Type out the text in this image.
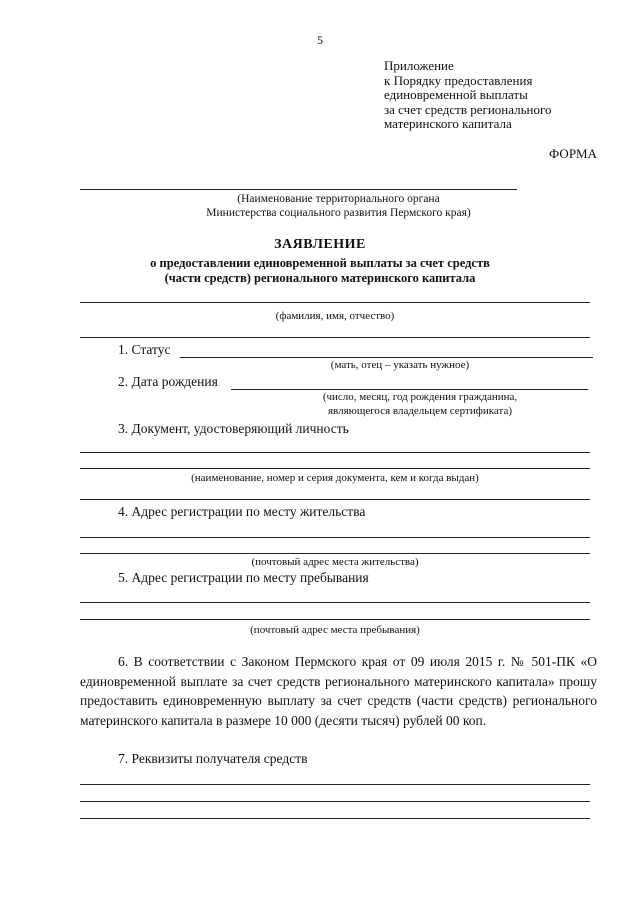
5
Приложение
к Порядку предоставления
единовременной выплаты
за счет средств регионального
материнского капитала
ФОРМА
(Наименование территориального органа
Министерства социального развития Пермского края)
ЗАЯВЛЕНИЕ
о предоставлении единовременной выплаты за счет средств
(части средств) регионального материнского капитала
(фамилия, имя, отчество)
1. Статус
(мать, отец – указать нужное)
2. Дата рождения
(число, месяц, год рождения гражданина,
являющегося владельцем сертификата)
3. Документ, удостоверяющий личность
(наименование, номер и серия документа, кем и когда выдан)
4. Адрес регистрации по месту жительства
(почтовый адрес места жительства)
5. Адрес регистрации по месту пребывания
(почтовый адрес места пребывания)
6. В соответствии с Законом Пермского края от 09 июля 2015 г. № 501-ПК «О единовременной выплате за счет средств регионального материнского капитала» прошу предоставить единовременную выплату за счет средств (части средств) регионального материнского капитала в размере 10 000 (десяти тысяч) рублей 00 коп.
7. Реквизиты получателя средств
